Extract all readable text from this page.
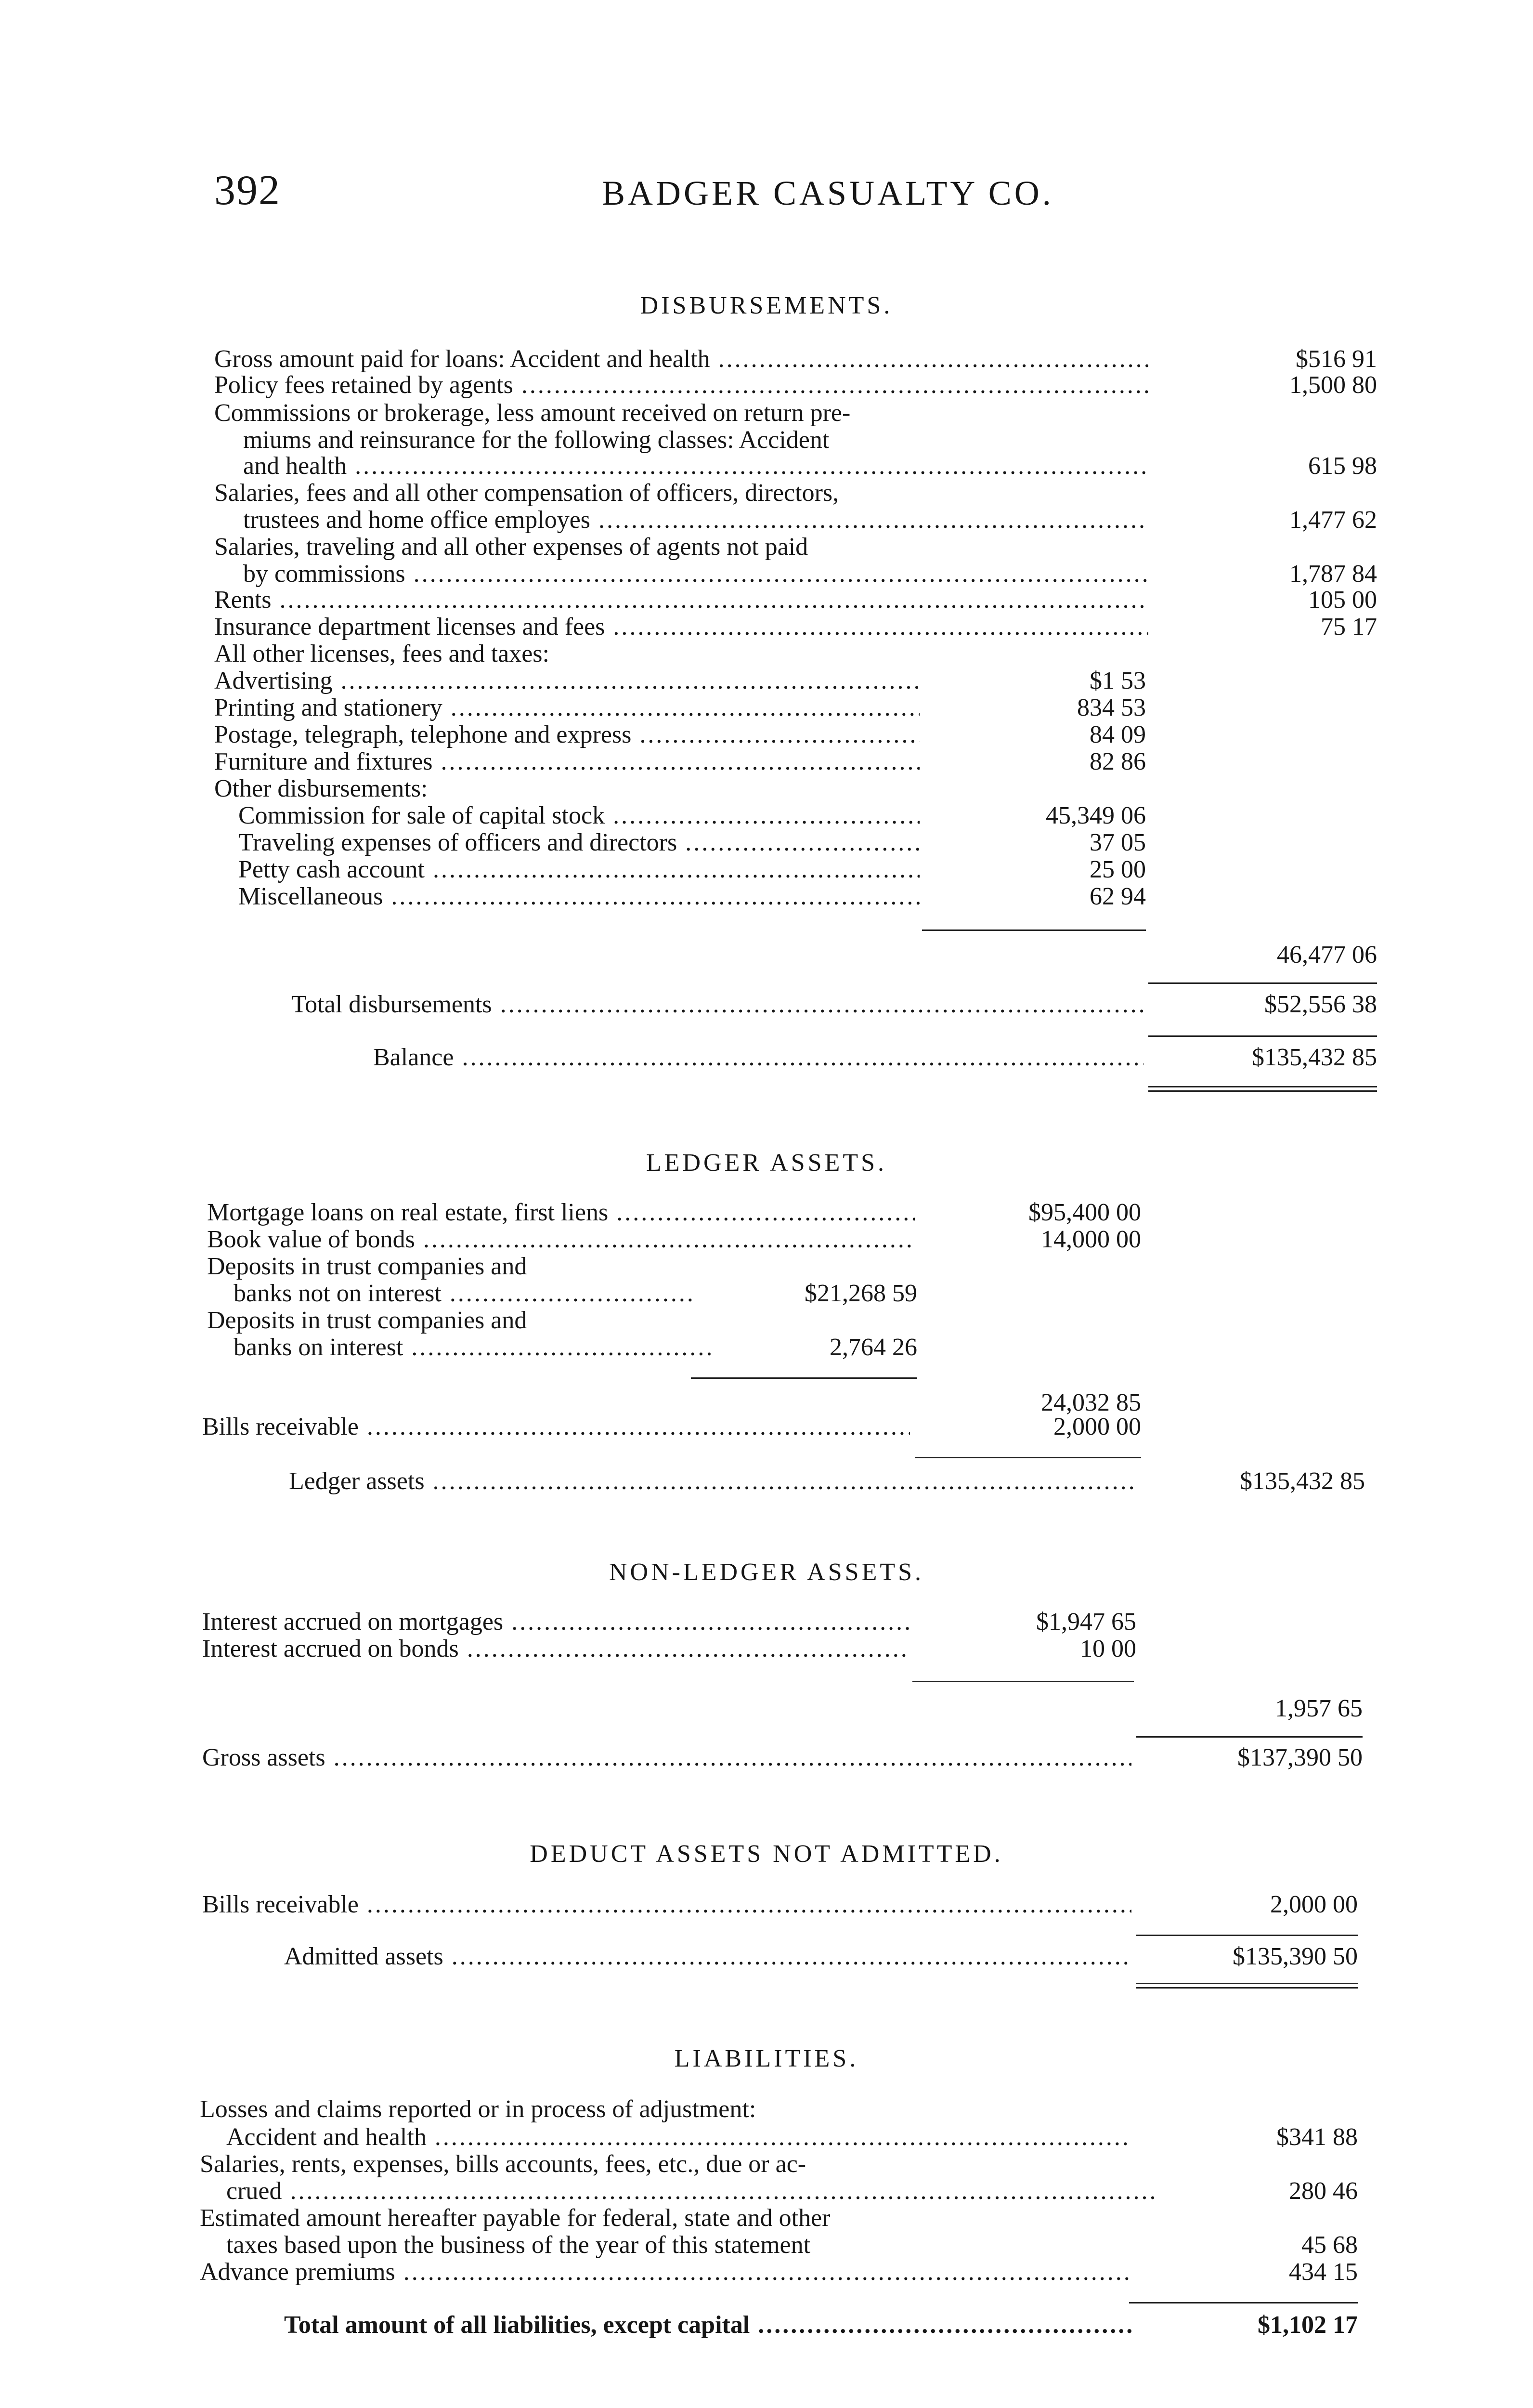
392	BADGER CASUALTY CO.
DISBURSEMENTS.
Gross amount paid for loans: Accident and health .....	$516 91
Policy fees retained by agents .....	1,500 80
Commissions or brokerage, less amount received on return pre-
miums and reinsurance for the following classes: Accident
and health .....	615 98
Salaries, fees and all other compensation of officers, directors,
trustees and home office employes .....	1,477 62
Salaries, traveling and all other expenses of agents not paid
by commissions .....	1,787 84
Rents .....	105 00
Insurance department licenses and fees .....	75 17
All other licenses, fees and taxes:
Advertising .....	$1 53
Printing and stationery .....	834 53
Postage, telegraph, telephone and express .....	84 09
Furniture and fixtures .....	82 86
Other disbursements:
Commission for sale of capital stock .....	45,349 06
Traveling expenses of officers and directors .....	37 05
Petty cash account .....	25 00
Miscellaneous .....	62 94
46,477 06
Total disbursements .....	$52,556 38
Balance .....	$135,432 85
LEDGER ASSETS.
Mortgage loans on real estate, first liens .....	$95,400 00
Book value of bonds .....	14,000 00
Deposits in trust companies and
banks not on interest .....	$21,268 59
Deposits in trust companies and
banks on interest .....	2,764 26
24,032 85
Bills receivable .....	2,000 00
Ledger assets .....	$135,432 85
NON-LEDGER ASSETS.
Interest accrued on mortgages .....	$1,947 65
Interest accrued on bonds .....	10 00
1,957 65
Gross assets .....	$137,390 50
DEDUCT ASSETS NOT ADMITTED.
Bills receivable .....	2,000 00
Admitted assets .....	$135,390 50
LIABILITIES.
Losses and claims reported or in process of adjustment:
Accident and health .....	$341 88
Salaries, rents, expenses, bills accounts, fees, etc., due or ac-
crued .....	280 46
Estimated amount hereafter payable for federal, state and other
taxes based upon the business of the year of this statement	45 68
Advance premiums .....	434 15
Total amount of all liabilities, except capital .....	$1,102 17
